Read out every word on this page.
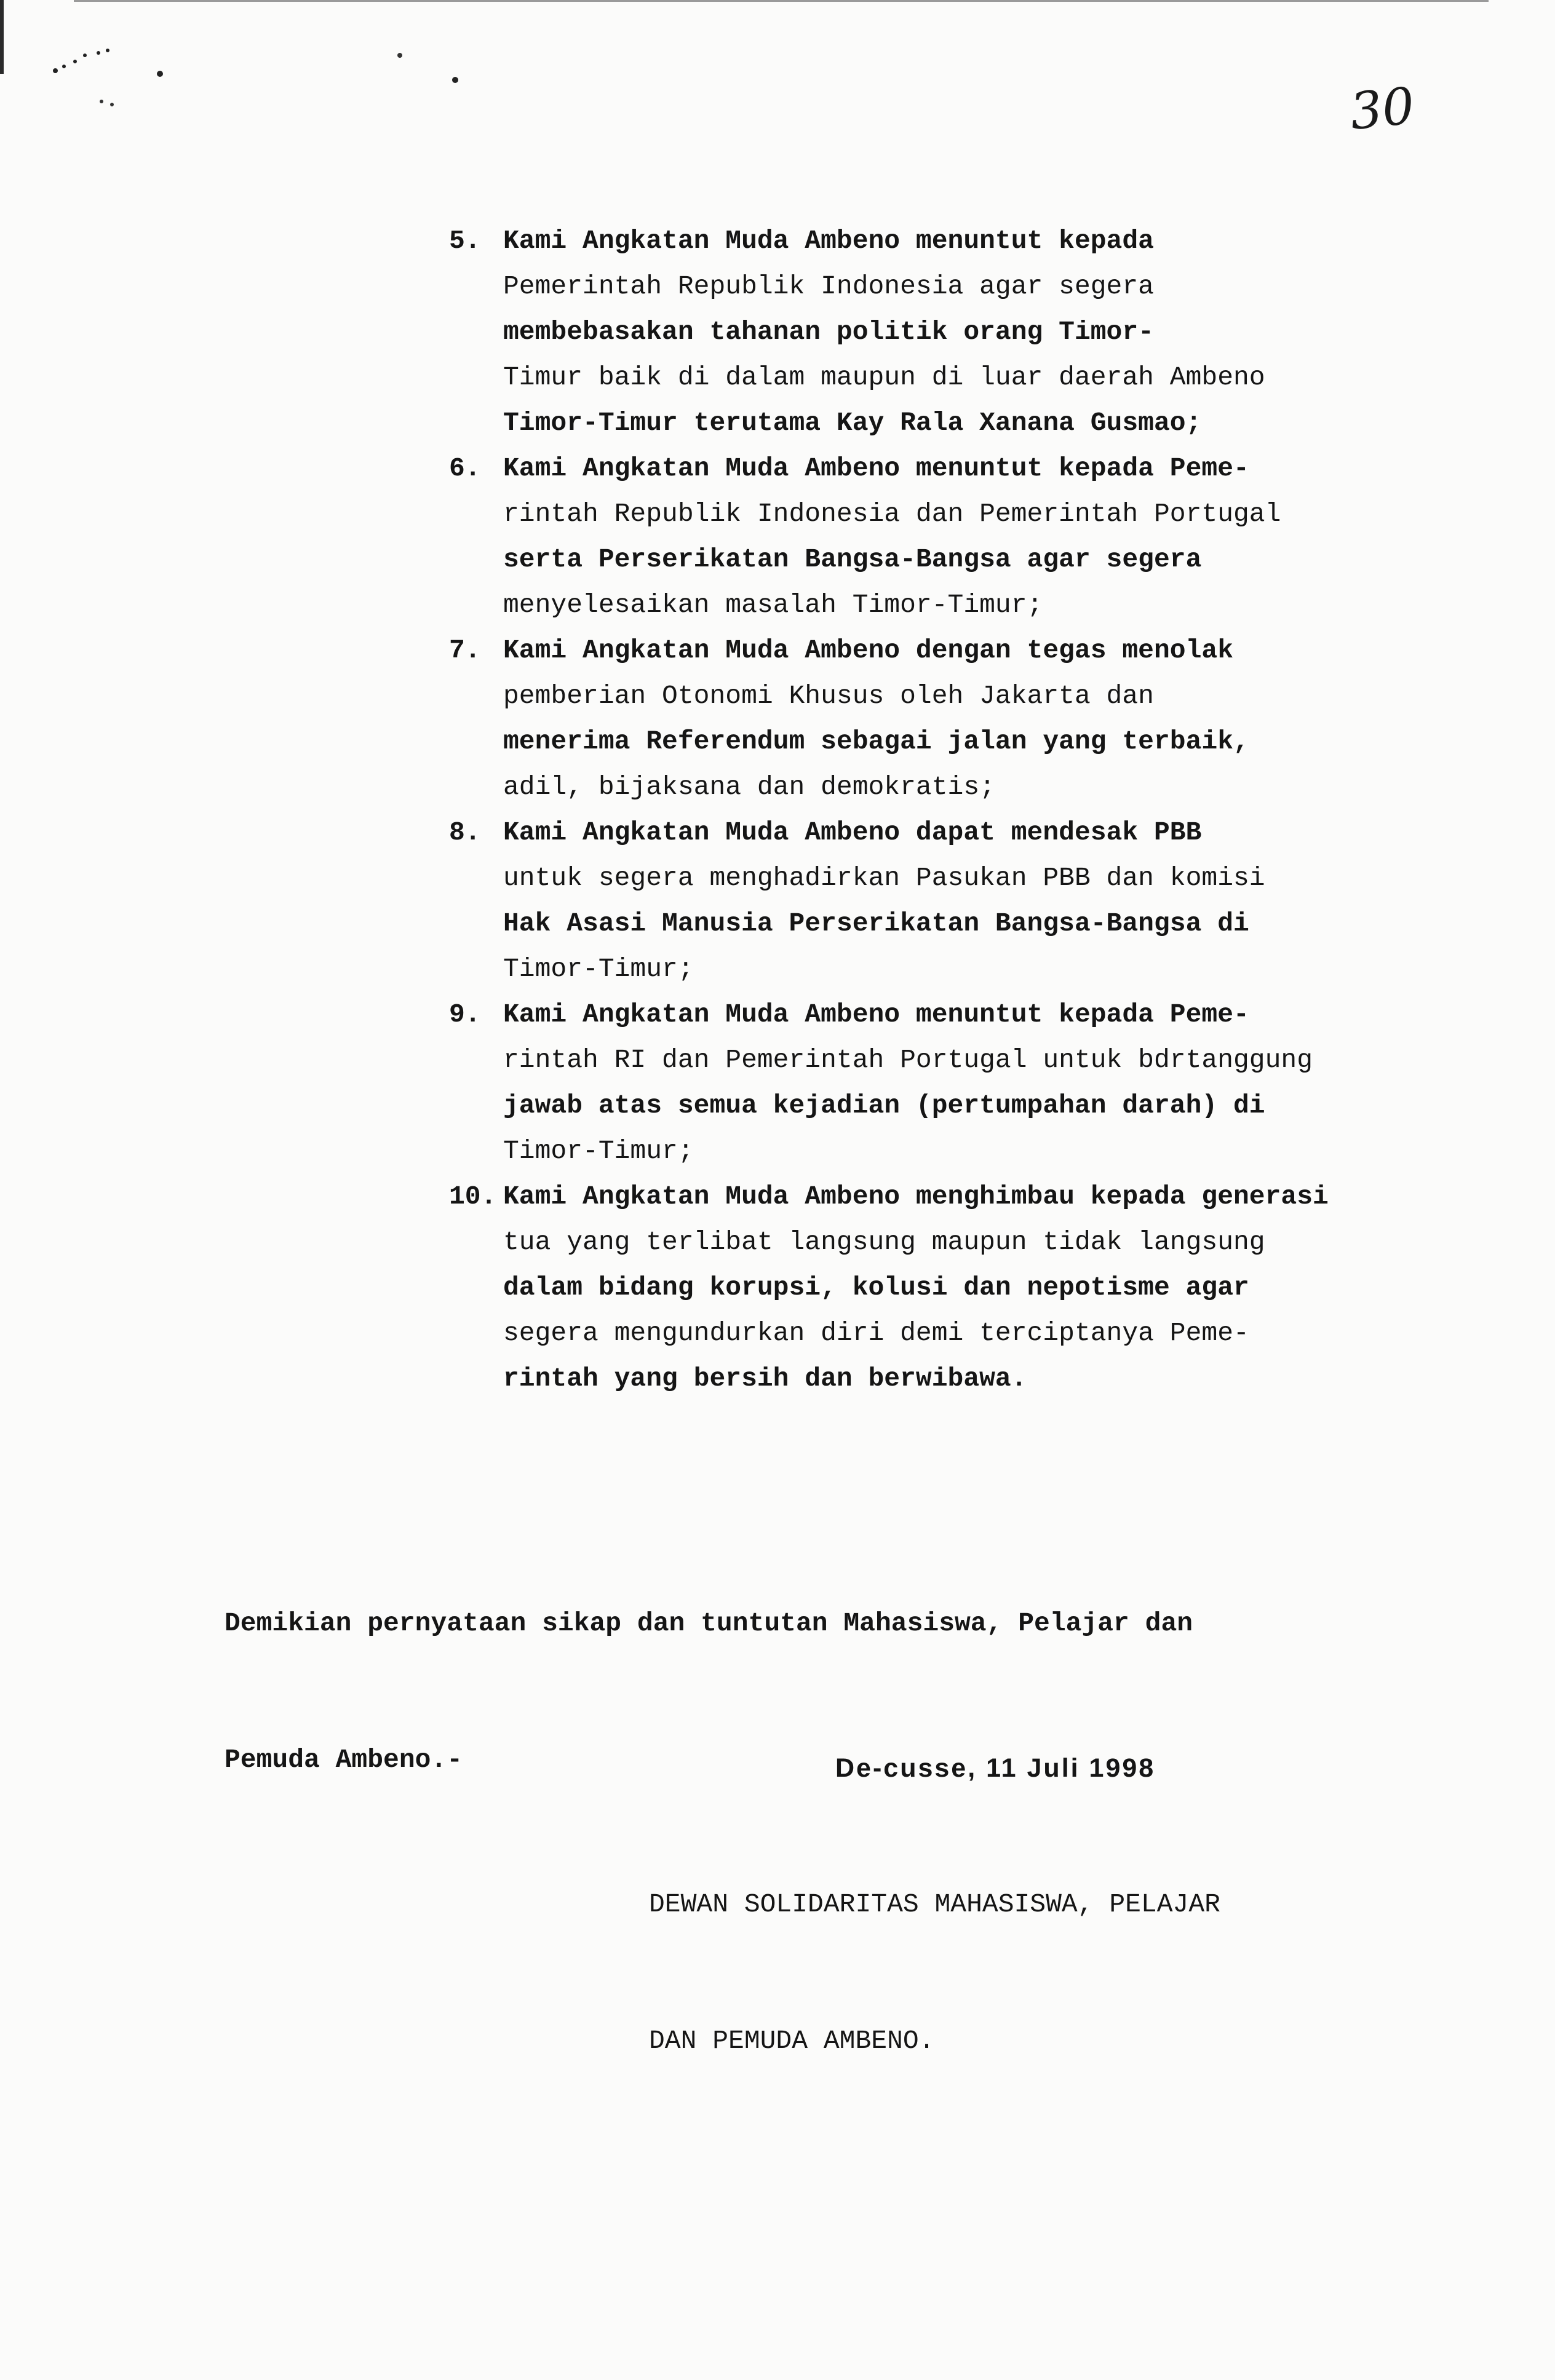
30
5. Kami Angkatan Muda Ambeno menuntut kepada
Pemerintah Republik Indonesia agar segera
membebasakan tahanan politik orang Timor-
Timur baik di dalam maupun di luar daerah Ambeno
Timor-Timur terutama Kay Rala Xanana Gusmao;
6. Kami Angkatan Muda Ambeno menuntut kepada Peme-
rintah Republik Indonesia dan Pemerintah Portugal
serta Perserikatan Bangsa-Bangsa agar segera
menyelesaikan masalah Timor-Timur;
7. Kami Angkatan Muda Ambeno dengan tegas menolak
pemberian Otonomi Khusus oleh Jakarta dan
menerima Referendum sebagai jalan yang terbaik,
adil, bijaksana dan demokratis;
8. Kami Angkatan Muda Ambeno dapat mendesak PBB
untuk segera menghadirkan Pasukan PBB dan komisi
Hak Asasi Manusia Perserikatan Bangsa-Bangsa di
Timor-Timur;
9. Kami Angkatan Muda Ambeno menuntut kepada Peme-
rintah RI dan Pemerintah Portugal untuk bdrtanggung
jawab atas semua kejadian (pertumpahan darah) di
Timor-Timur;
10. Kami Angkatan Muda Ambeno menghimbau kepada generasi
tua yang terlibat langsung maupun tidak langsung
dalam bidang korupsi, kolusi dan nepotisme agar
segera mengundurkan diri demi terciptanya Peme-
rintah yang bersih dan berwibawa.

Demikian pernyataan sikap dan tuntutan Mahasiswa, Pelajar dan

Pemuda Ambeno.-

	De-cusse, 11 Juli 1998

DEWAN SOLIDARITAS MAHASISWA, PELAJAR

DAN PEMUDA AMBENO.
